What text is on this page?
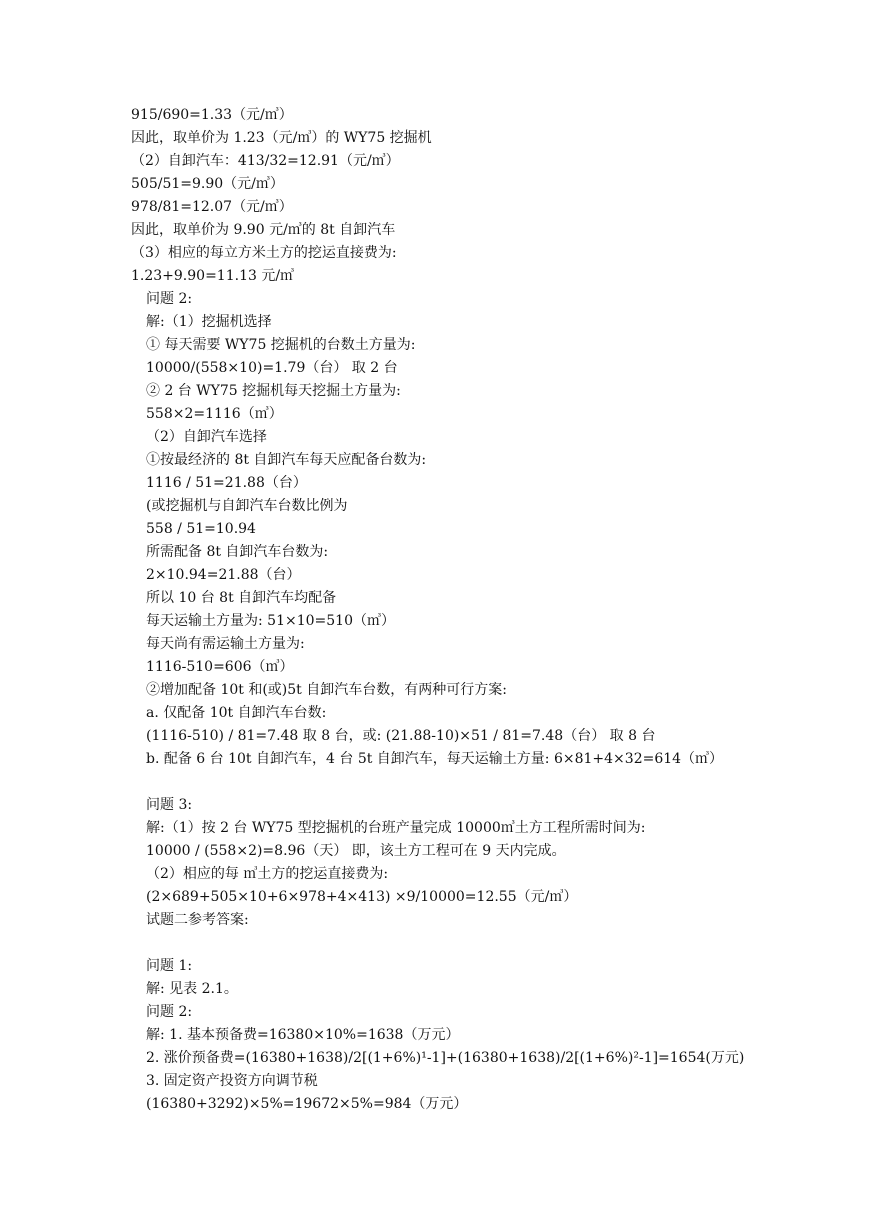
915/690=1.33（元/㎥）
因此，取单价为 1.23（元/㎥）的 WY75 挖掘机
（2）自卸汽车：413/32=12.91（元/㎥）
505/51=9.90（元/㎥）
978/81=12.07（元/㎥）
因此，取单价为 9.90 元/㎥的 8t 自卸汽车
（3）相应的每立方米土方的挖运直接费为:
1.23+9.90=11.13 元/㎥
问题 2:
解:（1）挖掘机选择
① 每天需要 WY75 挖掘机的台数土方量为:
10000/(558×10)=1.79（台） 取 2 台
② 2 台 WY75 挖掘机每天挖掘土方量为:
558×2=1116（㎥）
（2）自卸汽车选择
①按最经济的 8t 自卸汽车每天应配备台数为:
1116 / 51=21.88（台）
(或挖掘机与自卸汽车台数比例为
558 / 51=10.94
所需配备 8t 自卸汽车台数为:
2×10.94=21.88（台）
所以 10 台 8t 自卸汽车均配备
每天运输土方量为: 51×10=510（㎥）
每天尚有需运输土方量为:
1116-510=606（㎥）
②增加配备 10t 和(或)5t 自卸汽车台数，有两种可行方案:
a. 仅配备 10t 自卸汽车台数:
(1116-510) / 81=7.48 取 8 台，或: (21.88-10)×51 / 81=7.48（台） 取 8 台
b. 配备 6 台 10t 自卸汽车，4 台 5t 自卸汽车，每天运输土方量: 6×81+4×32=614（㎥）
问题 3:
解:（1）按 2 台 WY75 型挖掘机的台班产量完成 10000㎥土方工程所需时间为:
10000 / (558×2)=8.96（天） 即，该土方工程可在 9 天内完成。
（2）相应的每 ㎥土方的挖运直接费为:
(2×689+505×10+6×978+4×413) ×9/10000=12.55（元/㎥）
试题二参考答案:
问题 1:
解: 见表 2.1。
问题 2:
解: 1. 基本预备费=16380×10%=1638（万元）
2. 涨价预备费=(16380+1638)/2[(1+6%)¹-1]+(16380+1638)/2[(1+6%)²-1]=1654(万元)
3. 固定资产投资方向调节税
(16380+3292)×5%=19672×5%=984（万元）
